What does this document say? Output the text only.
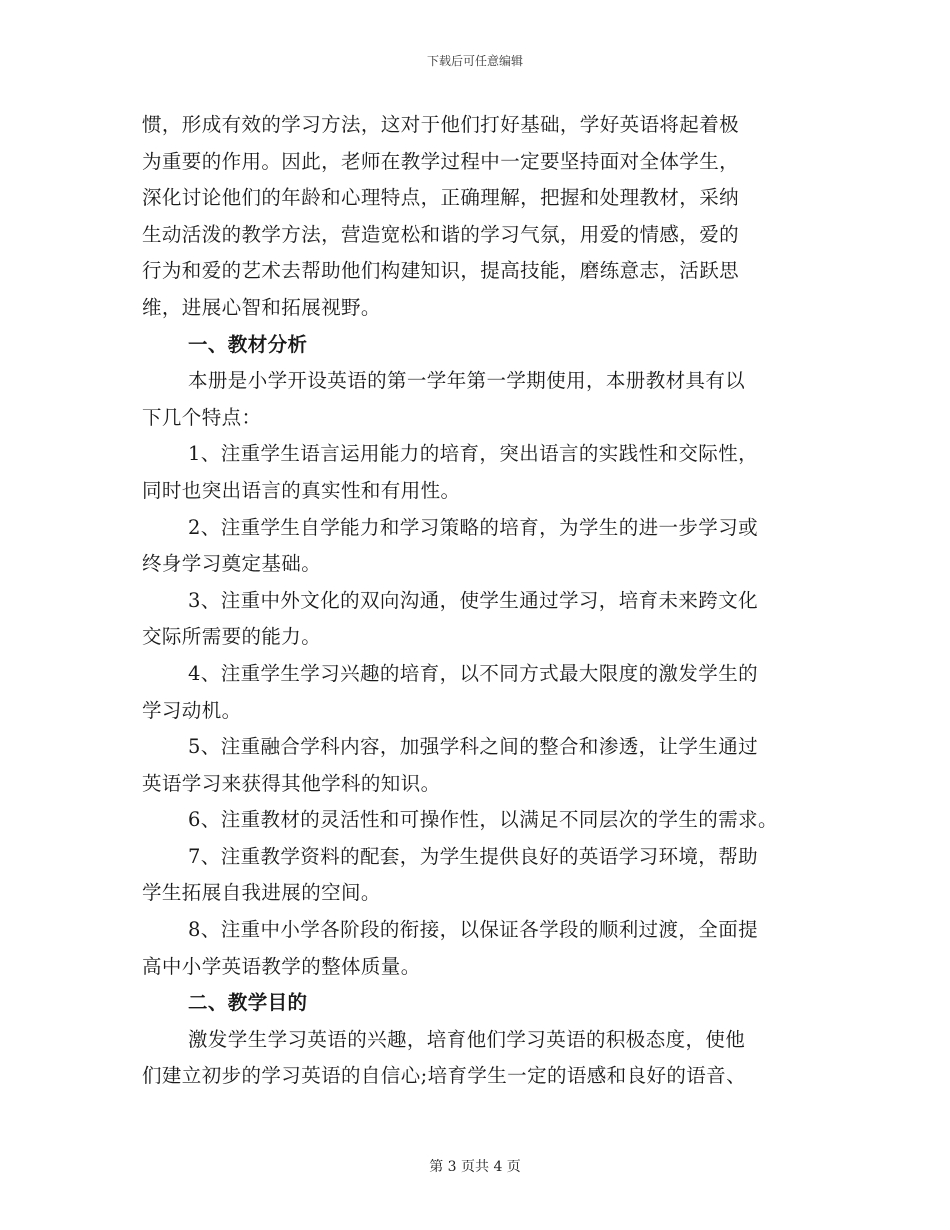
下载后可任意编辑
惯，形成有效的学习方法，这对于他们打好基础，学好英语将起着极
为重要的作用。因此，老师在教学过程中一定要坚持面对全体学生，
深化讨论他们的年龄和心理特点，正确理解，把握和处理教材，采纳
生动活泼的教学方法，营造宽松和谐的学习气氛，用爱的情感，爱的
行为和爱的艺术去帮助他们构建知识，提高技能，磨练意志，活跃思
维，进展心智和拓展视野。
一、教材分析
本册是小学开设英语的第一学年第一学期使用，本册教材具有以
下几个特点：
1、注重学生语言运用能力的培育，突出语言的实践性和交际性，
同时也突出语言的真实性和有用性。
2、注重学生自学能力和学习策略的培育，为学生的进一步学习或
终身学习奠定基础。
3、注重中外文化的双向沟通，使学生通过学习，培育未来跨文化
交际所需要的能力。
4、注重学生学习兴趣的培育，以不同方式最大限度的激发学生的
学习动机。
5、注重融合学科内容，加强学科之间的整合和渗透，让学生通过
英语学习来获得其他学科的知识。
6、注重教材的灵活性和可操作性，以满足不同层次的学生的需求。
7、注重教学资料的配套，为学生提供良好的英语学习环境，帮助
学生拓展自我进展的空间。
8、注重中小学各阶段的衔接，以保证各学段的顺利过渡，全面提
高中小学英语教学的整体质量。
二、教学目的
激发学生学习英语的兴趣，培育他们学习英语的积极态度，使他
们建立初步的学习英语的自信心;培育学生一定的语感和良好的语音、
第 3 页共 4 页
